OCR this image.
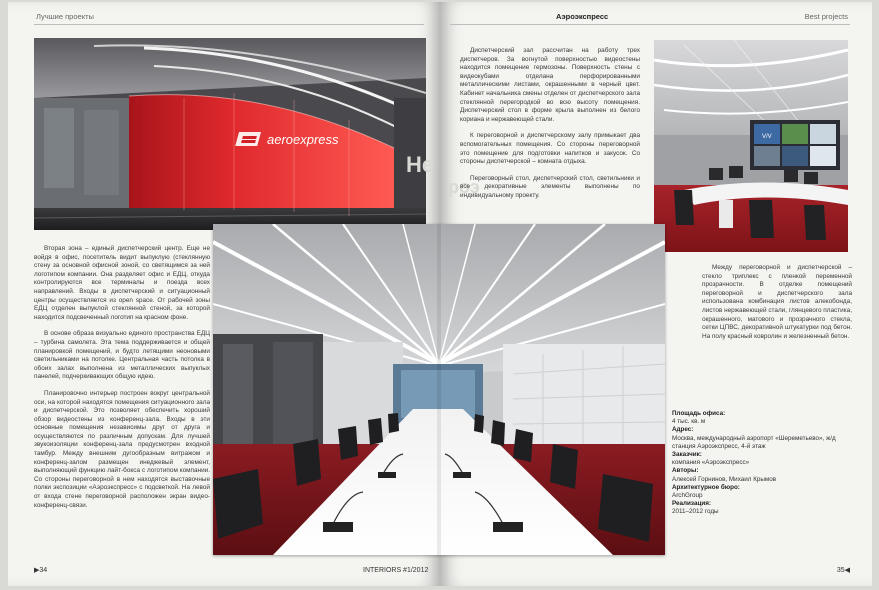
Лучшие проекты
aeroexpress
Не

Вторая зона – единый диспетчерский центр. Еще не войдя в офис, посетитель видит выпуклую (стеклянную стену за основной офисной зоной, со светящимся за ней логотипом компании. Она разделяет офис и ЕДЦ, откуда контролируются все терминалы и поезда всех направлений. Входы в диспетчерский и ситуационный центры осуществляется из open space. От рабочей зоны ЕДЦ отделен выпуклой стеклянной стеной, за которой находится подсвеченный логотип на красном фоне.

В основе образа визуально единого пространства ЕДЦ – турбина самолета. Эта тема поддерживается и общей планировкой помещений, и будто летящими неоновыми светильниками на потолке. Центральная часть потолка в обоих залах выполнена из металлических выпуклых панелей, подчеркивающих общую идею.

Планировочно интерьер построен вокруг центральной оси, на которой находятся помещения ситуационного зала и диспетчерской. Это позволяет обеспечить хороший обзор видеостены из конференц-зала. Входы в эти основные помещения независимы друг от друга и осуществляются по различным допускам. Для лучшей звукоизоляции конференц-зала предусмотрен входной тамбур. Между внешним дугообразным витражом и конференц-залом размещен инеджевый элемент, выполняющий функцию лайт-бокса с логотипом компании. Со стороны переговорной в нем находятся выставочные полки экспозиции «Аэроэкспресс» с подсветкой. На левой от входа стене переговорной расположен экран видео-конференц-связи.

▶34	INTERIORS #1/2012
Аэроэкспресс	Best projects
роэ

Диспетчерский зал рассчитан на работу трех диспетчеров. За вогнутой поверхностью видеостены находится помещение гермозоны. Поверхность стены с видеокубами отделана перфорированными металлическими листами, окрашенными в черный цвет. Кабинет начальника смены отделен от диспетчерского зала стеклянной перегородкой во всю высоту помещения. Диспетчерский стол в форме крыла выполнен из белого кориана и нержавеющей стали.

К переговорной и диспетчерскому залу примыкает два вспомогательных помещения. Со стороны переговорной это помещение для подготовки напитков и закусок. Со стороны диспетчерской – комната отдыха.

Переговорный стол, диспетчерский стол, светильники и все декоративные элементы выполнены по индивидуальному проекту.

V/V

Между переговорной и диспетчерской – стекло триплекс с пленкой переменной прозрачности. В отделке помещений переговорной и диспетчерского зала использована комбинация листов алекобонда, листов нержавеющей стали, глянцевого пластика, окрашенного, матового и прозрачного стекла, сетки ЦПВС, декоративной штукатурки под бетон. На полу красный ковролин и железненный бетон.

Площадь офиса:
4 тыс. кв. м
Адрес:
Москва, международный аэропорт «Шереметьево», ж/д станция Аэроэкспресс, 4-й этаж
Заказчик:
компания «Аэроэкспресс»
Авторы:
Алексей Горнинов, Михаил Крымов
Архитектурное бюро:
ArchGroup
Реализация:
2011–2012 годы
35◀
